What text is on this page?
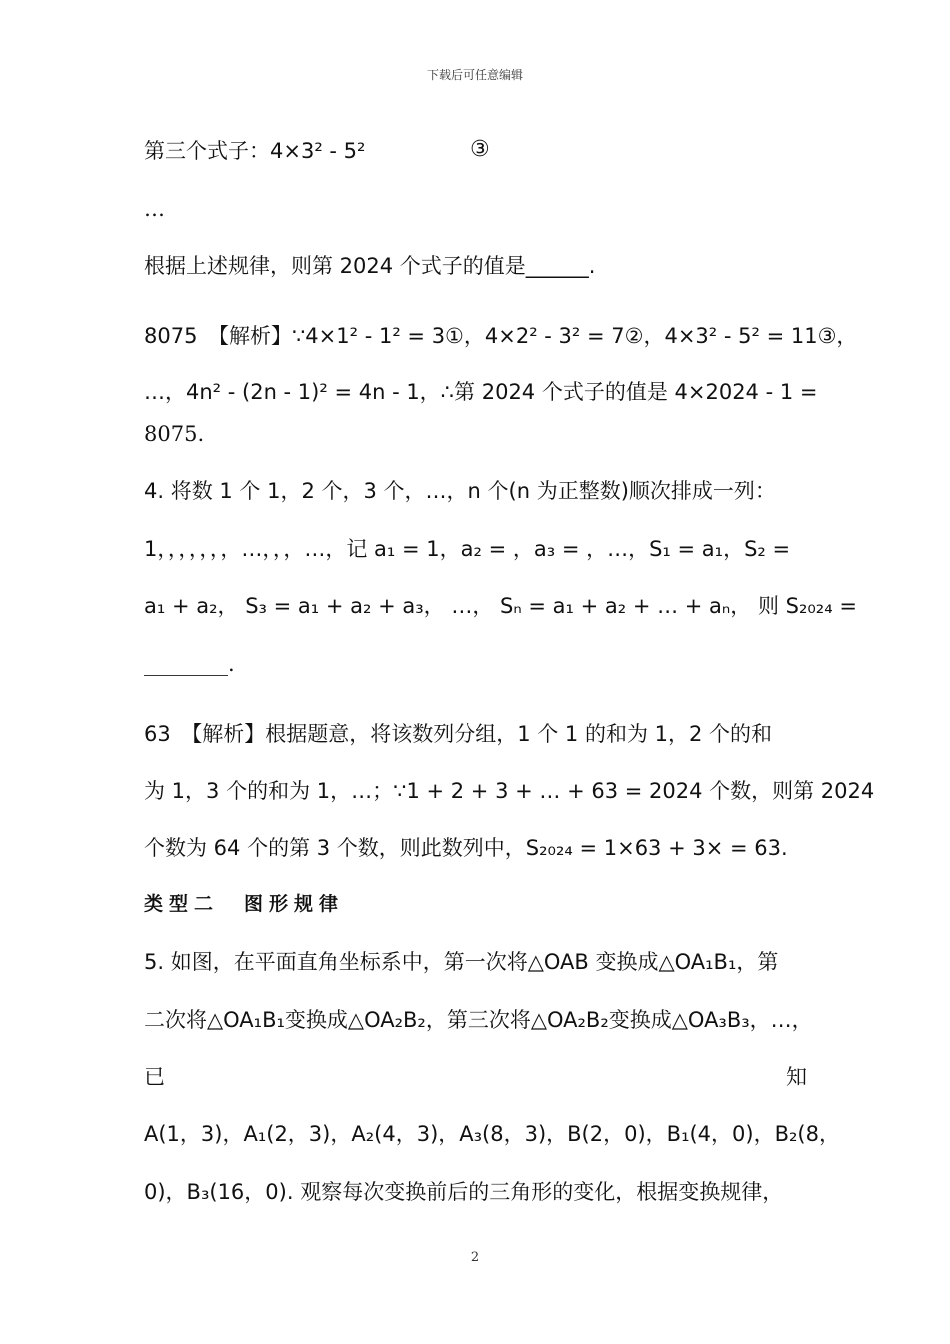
下载后可任意编辑
第三个式子：4×3² - 5²	③
…
根据上述规律，则第 2024 个式子的值是______.
8075　【解析】∵4×1² - 1² = 3①，4×2² - 3² = 7②，4×3² - 5² = 11③，
…，4n² - (2n - 1)² = 4n - 1，∴第 2024 个式子的值是 4×2024 - 1 =
8075.
4. 将数 1 个 1，2 个，3 个，…，n 个(n 为正整数)顺次排成一列：
1，，，，，，，…，，，…，记 a₁ = 1，a₂ = ，a₃ = ，…，S₁ = a₁，S₂ =
a₁ + a₂， S₃ = a₁ + a₂ + a₃， …， Sₙ = a₁ + a₂ + … + aₙ， 则 S₂₀₂₄ =
________.
63　【解析】根据题意，将该数列分组，1 个 1 的和为 1，2 个的和
为 1，3 个的和为 1，…；∵1 + 2 + 3 + … + 63 = 2024 个数，则第 2024
个数为 64 个的第 3 个数，则此数列中，S₂₀₂₄ = 1×63 + 3× = 63.
类型二　图形规律
5. 如图，在平面直角坐标系中，第一次将△OAB 变换成△OA₁B₁，第
二次将△OA₁B₁变换成△OA₂B₂，第三次将△OA₂B₂变换成△OA₃B₃，…，
已	知
A(1，3)，A₁(2，3)，A₂(4，3)，A₃(8，3)，B(2，0)，B₁(4，0)，B₂(8，
0)，B₃(16，0). 观察每次变换前后的三角形的变化，根据变换规律，
2
